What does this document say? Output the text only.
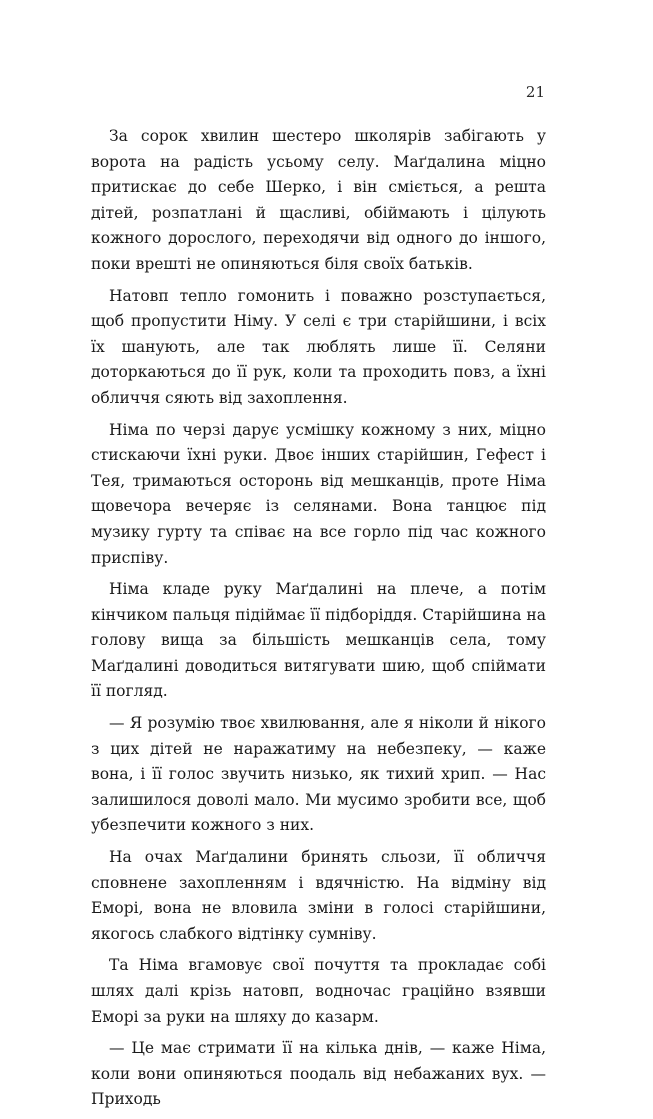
21

За сорок хвилин шестеро школярів забігають у ворота на радість усьому селу. Маґдалина міцно притискає до себе Шерко, і він сміється, а решта дітей, розпатлані й щасливі, обіймають і цілують кожного дорослого, переходячи від одного до іншого, поки врешті не опиняються біля своїх батьків.

Натовп тепло гомонить і поважно розступається, щоб пропустити Німу. У селі є три старійшини, і всіх їх шанують, але так люблять лише її. Селяни доторкаються до її рук, коли та проходить повз, а їхні обличчя сяють від захоплення.

Німа по черзі дарує усмішку кожному з них, міцно стискаючи їхні руки. Двоє інших старійшин, Гефест і Тея, тримаються осторонь від мешканців, проте Німа щовечора вечеряє із селянами. Вона танцює під музику гурту та співає на все горло під час кожного приспіву.

Німа кладе руку Маґдалині на плече, а потім кінчиком пальця підіймає її підборіддя. Старійшина на голову вища за більшість мешканців села, тому Маґдалині доводиться витягувати шию, щоб спіймати її погляд.

— Я розумію твоє хвилювання, але я ніколи й нікого з цих дітей не наражатиму на небезпеку, — каже вона, і її голос звучить низько, як тихий хрип. — Нас залишилося доволі мало. Ми мусимо зробити все, щоб убезпечити кожного з них.

На очах Маґдалини бринять сльози, її обличчя сповнене захопленням і вдячністю. На відміну від Еморі, вона не вловила зміни в голосі старійшини, якогось слабкого відтінку сумніву.

Та Німа вгамовує свої почуття та прокладає собі шлях далі крізь натовп, водночас граційно взявши Еморі за руки на шляху до казарм.

— Це має стримати її на кілька днів, — каже Німа, коли вони опиняються поодаль від небажаних вух. — Приходь
